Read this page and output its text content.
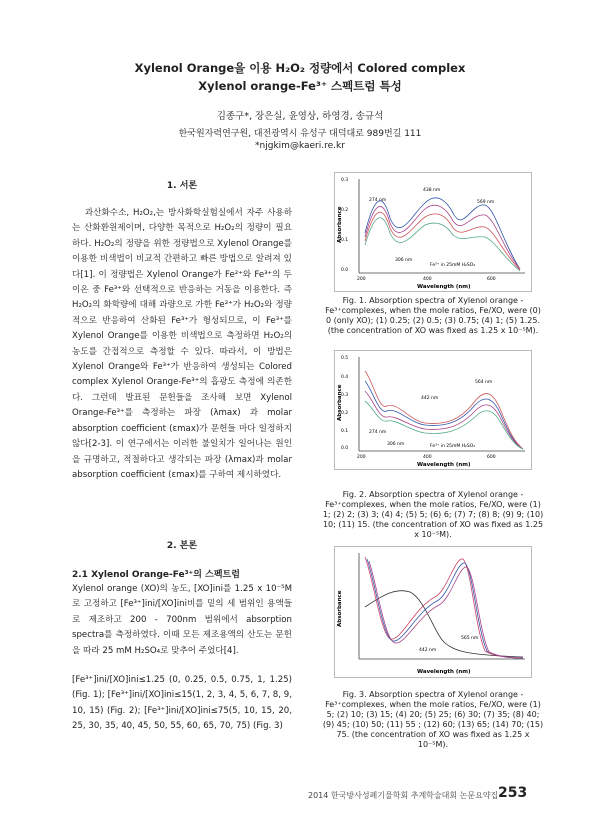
Xylenol Orange을 이용 H₂O₂ 정량에서 Colored complex
Xylenol orange-Fe³⁺ 스펙트럼 특성
김종구*, 장은실, 윤영상, 하영경, 송규석
한국원자력연구원, 대전광역시 유성구 대덕대로 989번길 111
*njgkim@kaeri.re.kr
1. 서론
과산화수소, H₂O₂,는 방사화학실험실에서 자주 사용하는 산화환원제이며, 다양한 목적으로 H₂O₂의 정량이 필요하다. H₂O₂의 정량을 위한 정량법으로 Xylenol Orange를 이용한 비색법이 비교적 간편하고 빠른 방법으로 알려져 있다[1]. 이 정량법은 Xylenol Orange가 Fe²⁺와 Fe³⁺의 두 이온 중 Fe³⁺와 선택적으로 반응하는 거동을 이용한다. 즉 H₂O₂의 화학량에 대해 과량으로 가한 Fe²⁺가 H₂O₂와 정량적으로 반응하여 산화된 Fe³⁺가 형성되므로, 이 Fe³⁺를 Xylenol Orange를 이용한 비색법으로 측정하면 H₂O₂의 농도를 간접적으로 측정할 수 있다. 따라서, 이 방법은 Xylenol Orange와 Fe³⁺가 반응하여 생성되는 Colored complex Xylenol Orange-Fe³⁺의 흡광도 측정에 의존한다. 그런데 발표된 문헌들을 조사해 보면 Xylenol Orange-Fe³⁺를 측정하는 파장 (λmax) 과 molar absorption coefficient (εmax)가 문헌들 마다 일정하지 않다[2-3]. 이 연구에서는 이러한 불일치가 일어나는 원인을 규명하고, 적절하다고 생각되는 파장 (λmax)과 molar absorption coefficient (εmax)를 구하여 제시하였다.
2. 본론
2.1 Xylenol Orange-Fe³⁺의 스펙트럼
Xylenol orange (XO)의 농도, [XO]ini를 1.25 x 10⁻⁵M로 고정하고 [Fe³⁺]ini/[XO]ini비를 밑의 세 범위인 용액들로 제조하고 200 - 700nm 범위에서 absorption spectra를 측정하였다. 이때 모든 제조용액의 산도는 문헌을 따라 25 mM H₂SO₄로 맞추어 주었다[4].
[Fe³⁺]ini/[XO]ini≤1.25 (0, 0.25, 0.5, 0.75, 1, 1.25) (Fig. 1); [Fe³⁺]ini/[XO]ini≤15(1, 2, 3, 4, 5, 6, 7, 8, 9, 10, 15) (Fig. 2); [Fe³⁺]ini/[XO]ini≤75(5, 10, 15, 20, 25, 30, 35, 40, 45, 50, 55, 60, 65, 70, 75) (Fig. 3)
0.3
0.2
0.1
0.0
Absorbance
200	400	600
Wavelength (nm)
274 nm
438 nm
569 nm
306 nm
Fe³⁺ in 25mM H₂SO₄
Fig. 1. Absorption spectra of Xylenol orange -Fe³⁺complexes, when the mole ratios, Fe/XO, were (0) 0 (only XO); (1) 0.25; (2) 0.5; (3) 0.75; (4) 1; (5) 1.25. (the concentration of XO was fixed as 1.25 x 10⁻⁵M).
0.5
0.4
0.3
0.2
0.1
0.0
Absorbance
200	400	600
Wavelength (nm)
442 nm
564 nm
274 nm
306 nm	Fe³⁺ in 25mM H₂SO₄
Fig. 2. Absorption spectra of Xylenol orange -Fe³⁺complexes, when the mole ratios, Fe/XO, were (1) 1; (2) 2; (3) 3; (4) 4; (5) 5; (6) 6; (7) 7; (8) 8; (9) 9; (10) 10; (11) 15. (the concentration of XO was fixed as 1.25 x 10⁻⁵M).
Absorbance
Wavelength (nm)
442 nm
565 nm
Fig. 3. Absorption spectra of Xylenol orange -Fe³⁺complexes, when the mole ratios, Fe/XO, were (1) 5; (2) 10; (3) 15; (4) 20; (5) 25; (6) 30; (7) 35; (8) 40; (9) 45; (10) 50; (11) 55 ; (12) 60; (13) 65; (14) 70; (15) 75. (the concentration of XO was fixed as 1.25 x 10⁻⁵M).
2014 한국방사성폐기물학회 추계학술대회 논문요약집 253
